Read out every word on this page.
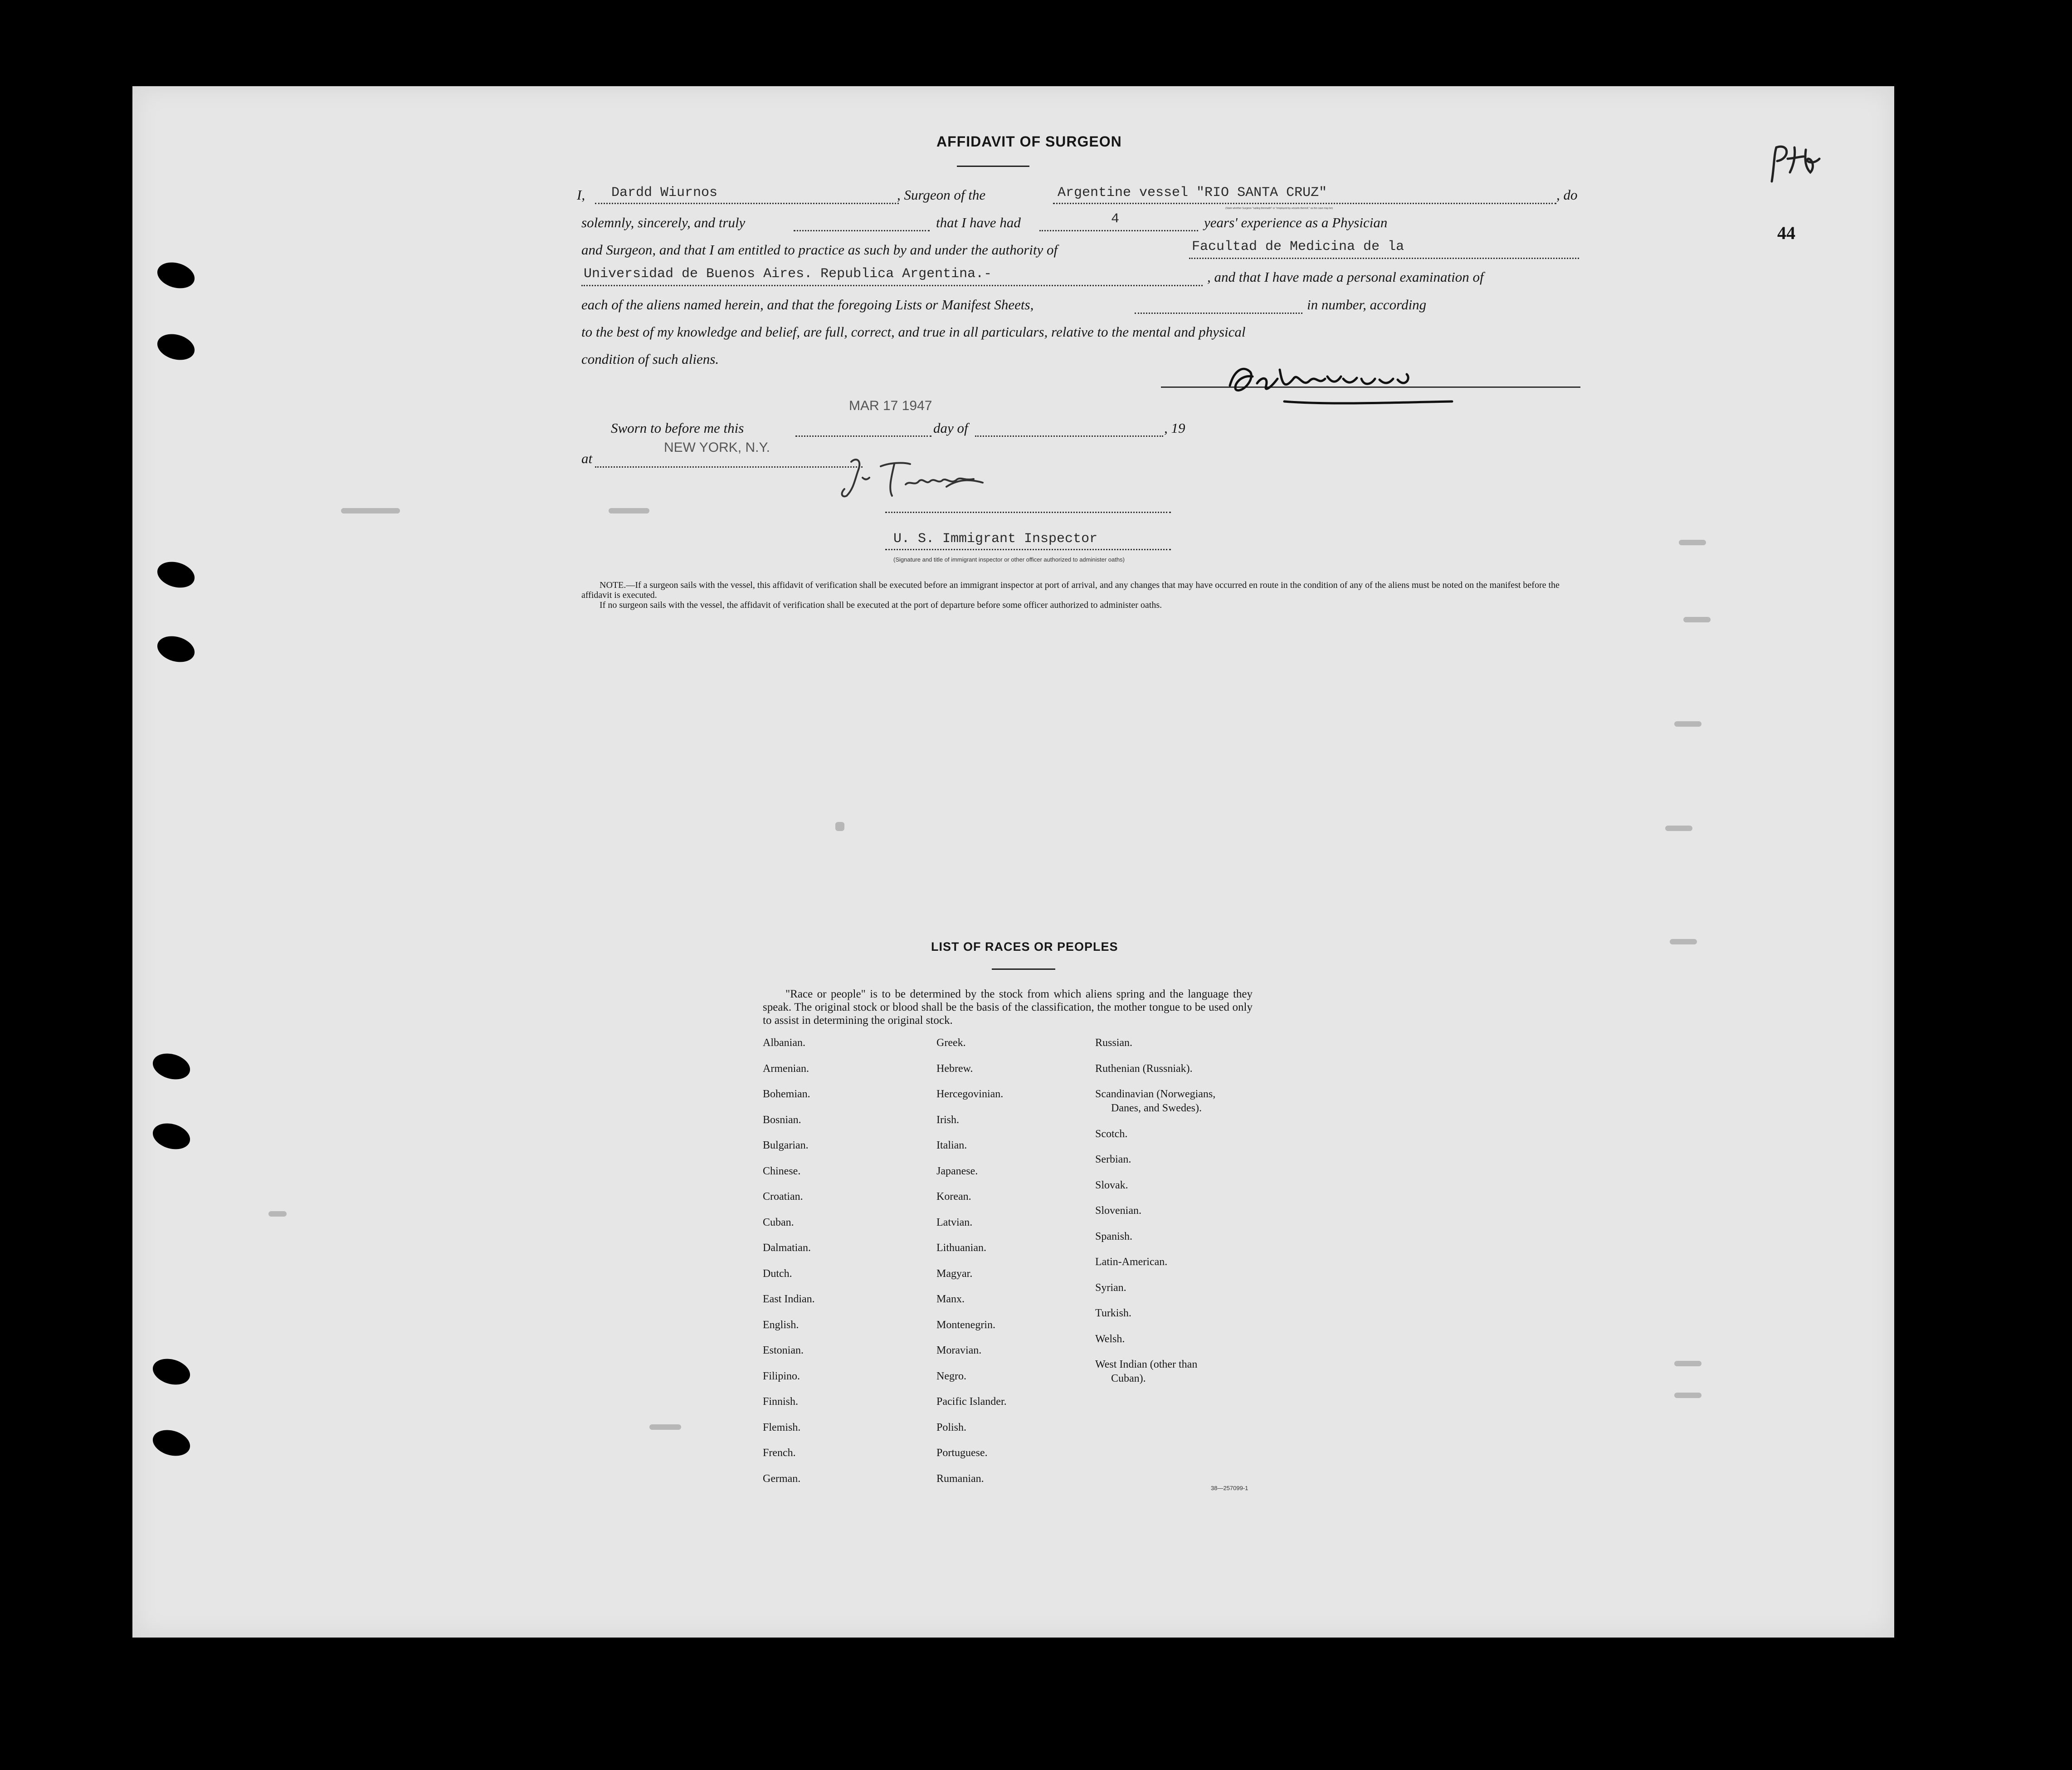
AFFIDAVIT OF SURGEON
I, Dardd Wiurnos	, Surgeon of the	Argentine vessel "RIO SANTA CRUZ"	, do
(State whether Surgeon "sailing therewith" or "employed by vessels thereof," as the case may be)
solemnly, sincerely, and truly	that I have had	4	years' experience as a Physician
and Surgeon, and that I am entitled to practice as such by and under the authority of	Facultad de Medicina de la
Universidad de Buenos Aires. Republica Argentina.-	, and that I have made a personal examination of
each of the aliens named herein, and that the foregoing Lists or Manifest Sheets,	in number, according
to the best of my knowledge and belief, are full, correct, and true in all particulars, relative to the mental and physical
condition of such aliens.
MAR 17 1947
Sworn to before me this	day of	, 19
NEW YORK, N.Y.
at
U. S. Immigrant Inspector
(Signature and title of immigrant inspector or other officer authorized to administer oaths)
NOTE.—If a surgeon sails with the vessel, this affidavit of verification shall be executed before an immigrant inspector at port of arrival, and any changes that may have occurred en route in the condition of any of the aliens must be noted on the manifest before the affidavit is executed.
If no surgeon sails with the vessel, the affidavit of verification shall be executed at the port of departure before some officer authorized to administer oaths.
44
LIST OF RACES OR PEOPLES
"Race or people" is to be determined by the stock from which aliens spring and the language they speak. The original stock or blood shall be the basis of the classification, the mother tongue to be used only to assist in determining the original stock.
Albanian.
Armenian.
Bohemian.
Bosnian.
Bulgarian.
Chinese.
Croatian.
Cuban.
Dalmatian.
Dutch.
East Indian.
English.
Estonian.
Filipino.
Finnish.
Flemish.
French.
German.
Greek.
Hebrew.
Hercegovinian.
Irish.
Italian.
Japanese.
Korean.
Latvian.
Lithuanian.
Magyar.
Manx.
Montenegrin.
Moravian.
Negro.
Pacific Islander.
Polish.
Portuguese.
Rumanian.
Russian.
Ruthenian (Russniak).
Scandinavian (Norwegians,
Danes, and Swedes).
Scotch.
Serbian.
Slovak.
Slovenian.
Spanish.
Latin-American.
Syrian.
Turkish.
Welsh.
West Indian (other than
Cuban).
38—257099-1
